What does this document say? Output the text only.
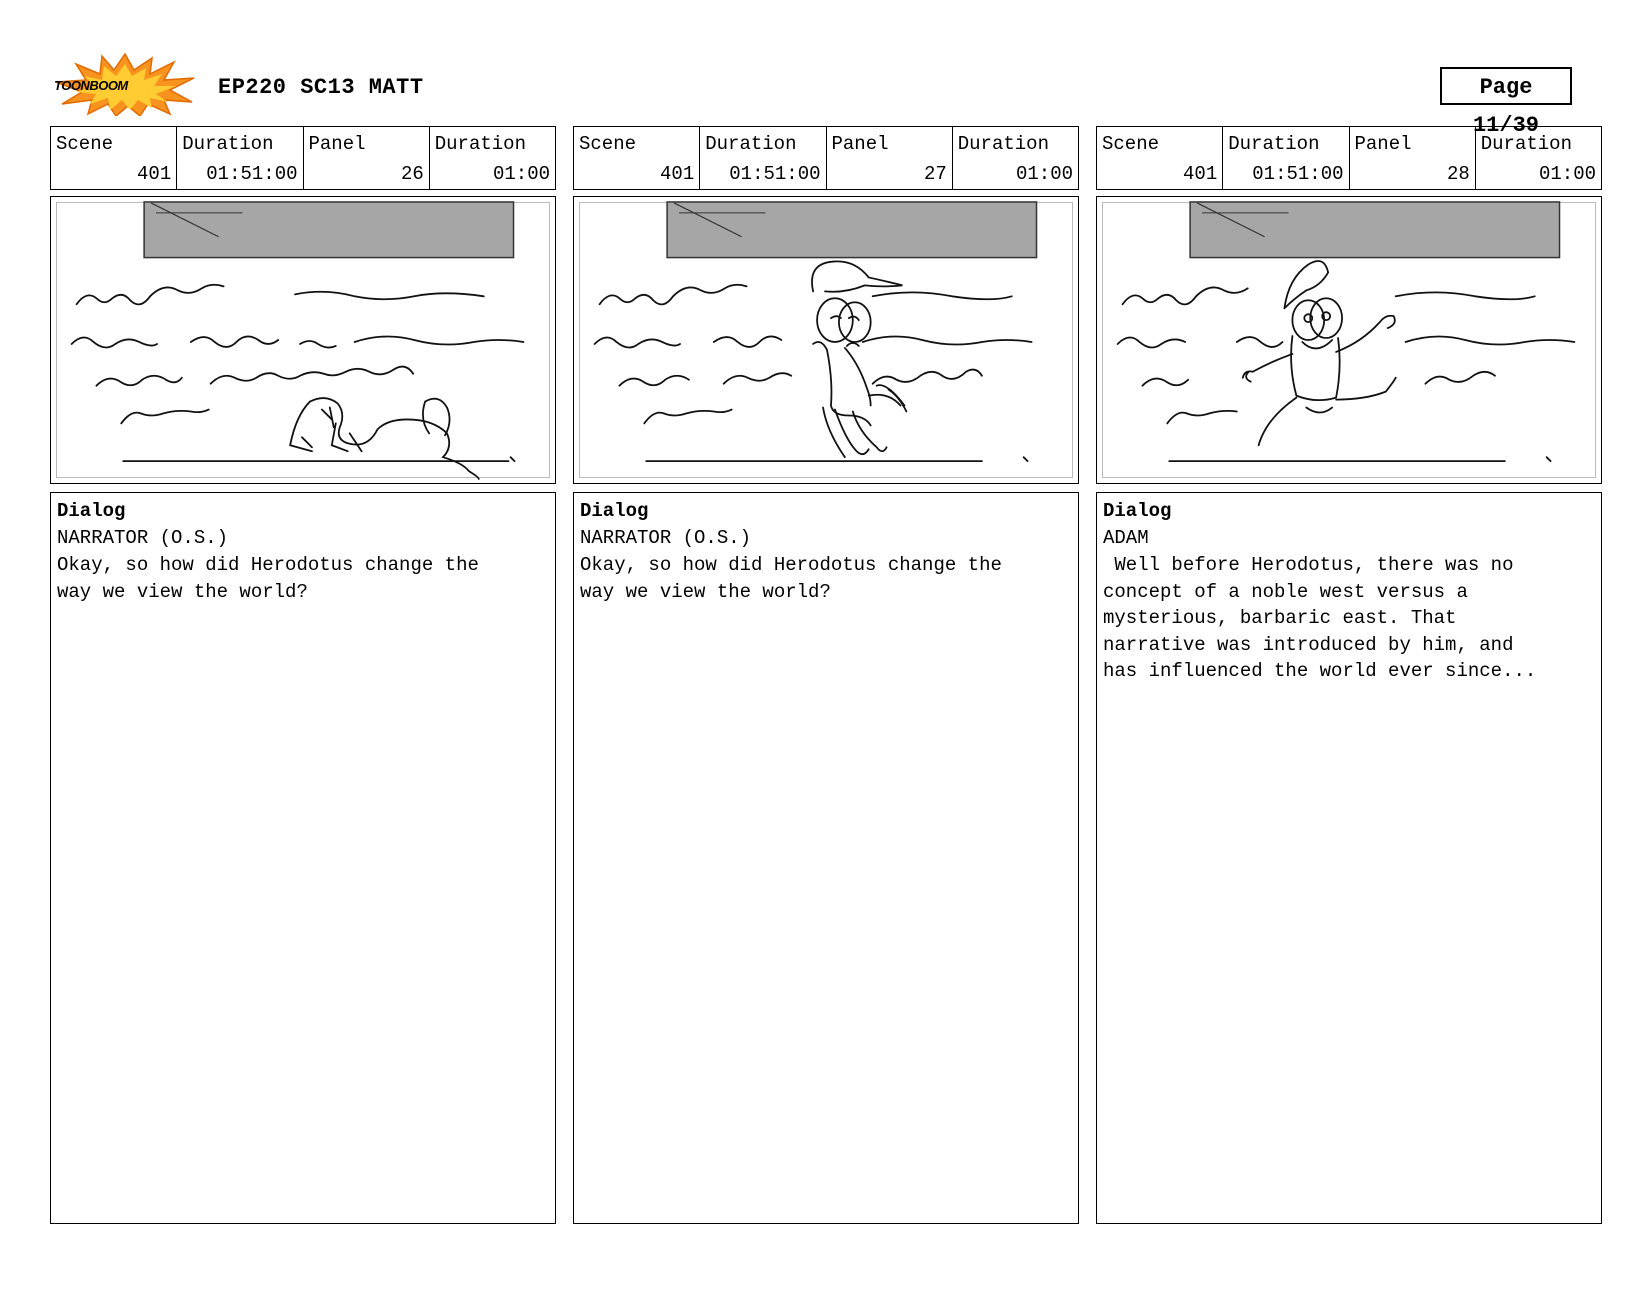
TOONBOOM	EP220 SC13 MATT	Page 11/39
Scene
401
Duration
01:51:00
Panel
26
Duration
01:00
Dialog
NARRATOR (O.S.)
Okay, so how did Herodotus change the
way we view the world?
Scene
401
Duration
01:51:00
Panel
27
Duration
01:00
Dialog
NARRATOR (O.S.)
Okay, so how did Herodotus change the
way we view the world?
Scene
401
Duration
01:51:00
Panel
28
Duration
01:00
Dialog
ADAM
Well before Herodotus, there was no
concept of a noble west versus a
mysterious, barbaric east. That
narrative was introduced by him, and
has influenced the world ever since...
